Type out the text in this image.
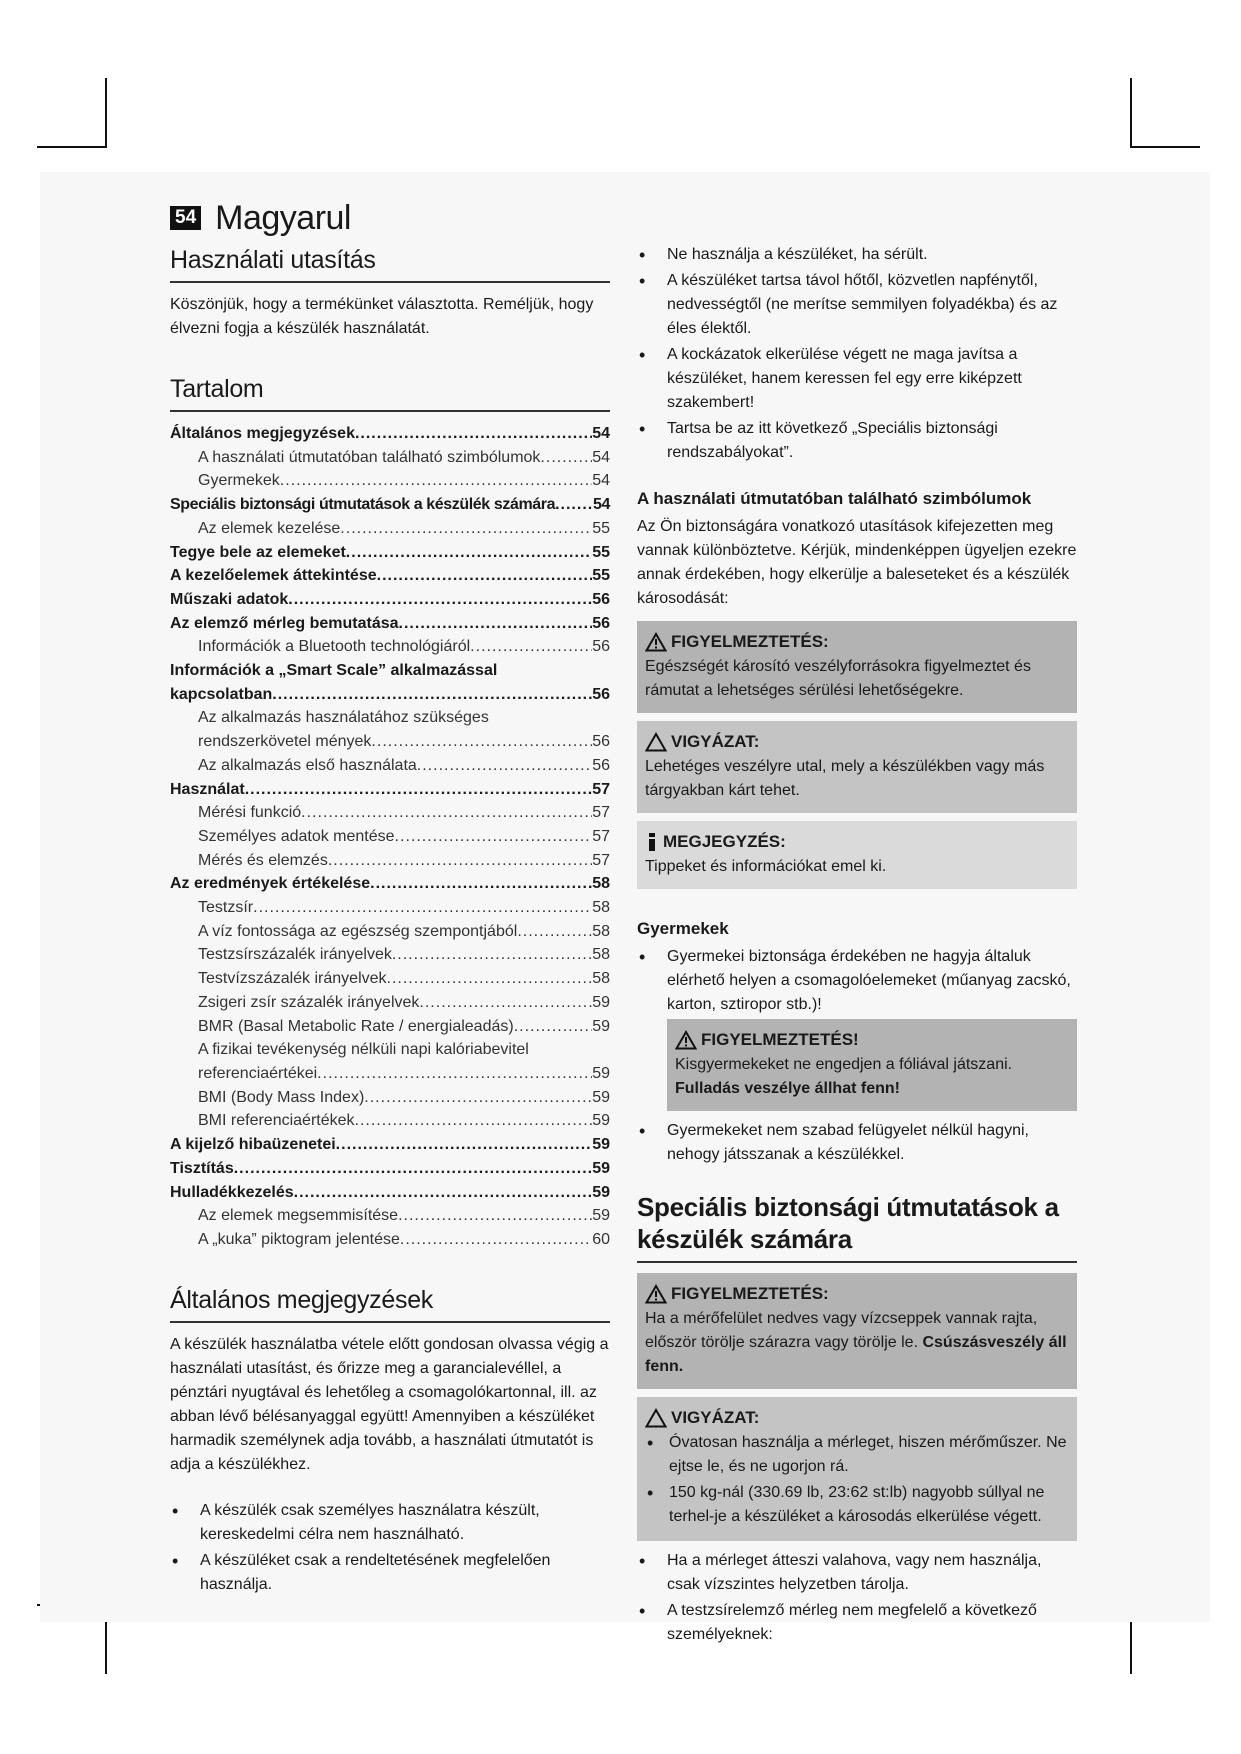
54 Magyarul
Használati utasítás

Köszönjük, hogy a termékünket választotta. Reméljük, hogy élvezni fogja a készülék használatát.

Tartalom
Általános megjegyzések .....	54
A használati útmutatóban található szimbólumok .....	54
Gyermekek .....	54
Speciális biztonsági útmutatások a készülék számára ..... 54
Az elemek kezelése .....	55
Tegye bele az elemeket .....	55
A kezelőelemek áttekintése .....	55
Műszaki adatok .....	56
Az elemző mérleg bemutatása .....	56
Információk a Bluetooth technológiáról .....	56
Információk a „Smart Scale” alkalmazással
kapcsolatban .....	56
Az alkalmazás használatához szükséges
rendszerkövetel mények .....	56
Az alkalmazás első használata .....	56
Használat .....	57
Mérési funkció .....	57
Személyes adatok mentése .....	57
Mérés és elemzés .....	57
Az eredmények értékelése .....	58
Testzsír .....	58
A víz fontossága az egészség szempontjából .....	58
Testzsírszázalék irányelvek .....	58
Testvízszázalék irányelvek .....	58
Zsigeri zsír százalék irányelvek .....	59
BMR (Basal Metabolic Rate / energialeadás) .....	59
A fizikai tevékenység nélküli napi kalóriabevitel
referenciaértékei .....	59
BMI (Body Mass Index) .....	59
BMI referenciaértékek .....	59
A kijelző hibaüzenetei .....	59
Tisztítás .....	59
Hulladékkezelés .....	59
Az elemek megsemmisítése .....	59
A „kuka” piktogram jelentése .....	60
Általános megjegyzések

A készülék használatba vétele előtt gondosan olvassa végig a használati utasítást, és őrizze meg a garancialevéllel, a pénztári nyugtával és lehetőleg a csomagolókartonnal, ill. az abban lévő bélésanyaggal együtt! Amennyiben a készüléket harmadik személynek adja tovább, a használati útmutatót is adja a készülékhez.

• A készülék csak személyes használatra készült, kereskedelmi célra nem használható.
• A készüléket csak a rendeltetésének megfelelően használja.
• Ne használja a készüléket, ha sérült.
• A készüléket tartsa távol hőtől, közvetlen napfénytől, nedvességtől (ne merítse semmilyen folyadékba) és az éles élektől.
• A kockázatok elkerülése végett ne maga javítsa a készüléket, hanem keressen fel egy erre kiképzett szakembert!
• Tartsa be az itt következő „Speciális biztonsági rendszabályokat”.
A használati útmutatóban található szimbólumok

Az Ön biztonságára vonatkozó utasítások kifejezetten meg vannak különböztetve. Kérjük, mindenképpen ügyeljen ezekre annak érdekében, hogy elkerülje a baleseteket és a készülék károsodását:

FIGYELMEZTETÉS:

Egészségét károsító veszélyforrásokra figyelmeztet és rámutat a lehetséges sérülési lehetőségekre.

VIGYÁZAT:

Lehetéges veszélyre utal, mely a készülékben vagy más tárgyakban kárt tehet.

MEGJEGYZÉS:

Tippeket és információkat emel ki.

Gyermekek
• Gyermekei biztonsága érdekében ne hagyja általuk elérhető helyen a csomagolóelemeket (műanyag zacskó, karton, sztiropor stb.)!
FIGYELMEZTETÉS!

Kisgyermekeket ne engedjen a fóliával játszani. Fulladás veszélye állhat fenn!

• Gyermekeket nem szabad felügyelet nélkül hagyni, nehogy játsszanak a készülékkel.
Speciális biztonsági útmutatások a készülék számára
FIGYELMEZTETÉS:

Ha a mérőfelület nedves vagy vízcseppek vannak rajta, először törölje szárazra vagy törölje le. Csúszásveszély áll fenn.

VIGYÁZAT:
• Óvatosan használja a mérleget, hiszen mérőműszer. Ne ejtse le, és ne ugorjon rá.
• 150 kg-nál (330.69 lb, 23:62 st:lb) nagyobb súllyal ne terhel-je a készüléket a károsodás elkerülése végett.
• Ha a mérleget átteszi valahova, vagy nem használja, csak vízszintes helyzetben tárolja.
• A testzsírelemző mérleg nem megfelelő a következő személyeknek:
